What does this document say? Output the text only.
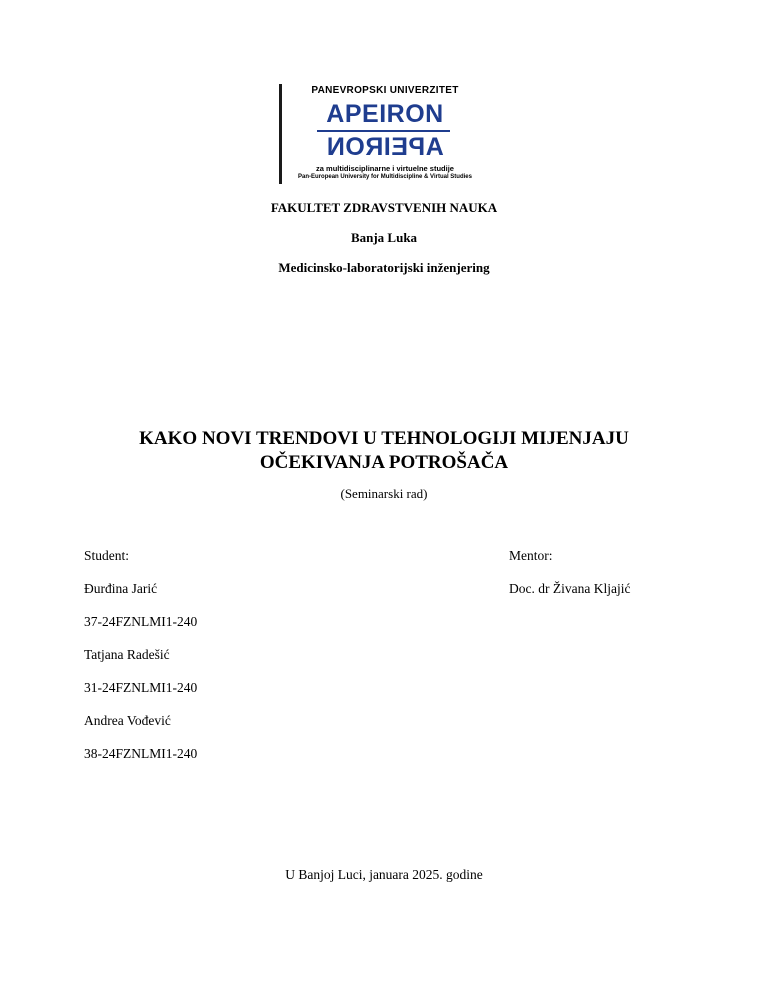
PANEVROPSKI UNIVERZITET
APEIRON
APEIRON
za multidisciplinarne i virtuelne studije
Pan-European University for Multidiscipline & Virtual Studies
FAKULTET ZDRAVSTVENIH NAUKA
Banja Luka
Medicinsko-laboratorijski inženjering
KAKO NOVI TRENDOVI U TEHNOLOGIJI MIJENJAJU
OČEKIVANJA POTROŠAČA
(Seminarski rad)
Student:
Đurđina Jarić
37-24FZNLMI1-240
Tatjana Radešić
31-24FZNLMI1-240
Andrea Vođević
38-24FZNLMI1-240
Mentor:
Doc. dr Živana Kljajić
U Banjoj Luci, januara 2025. godine
